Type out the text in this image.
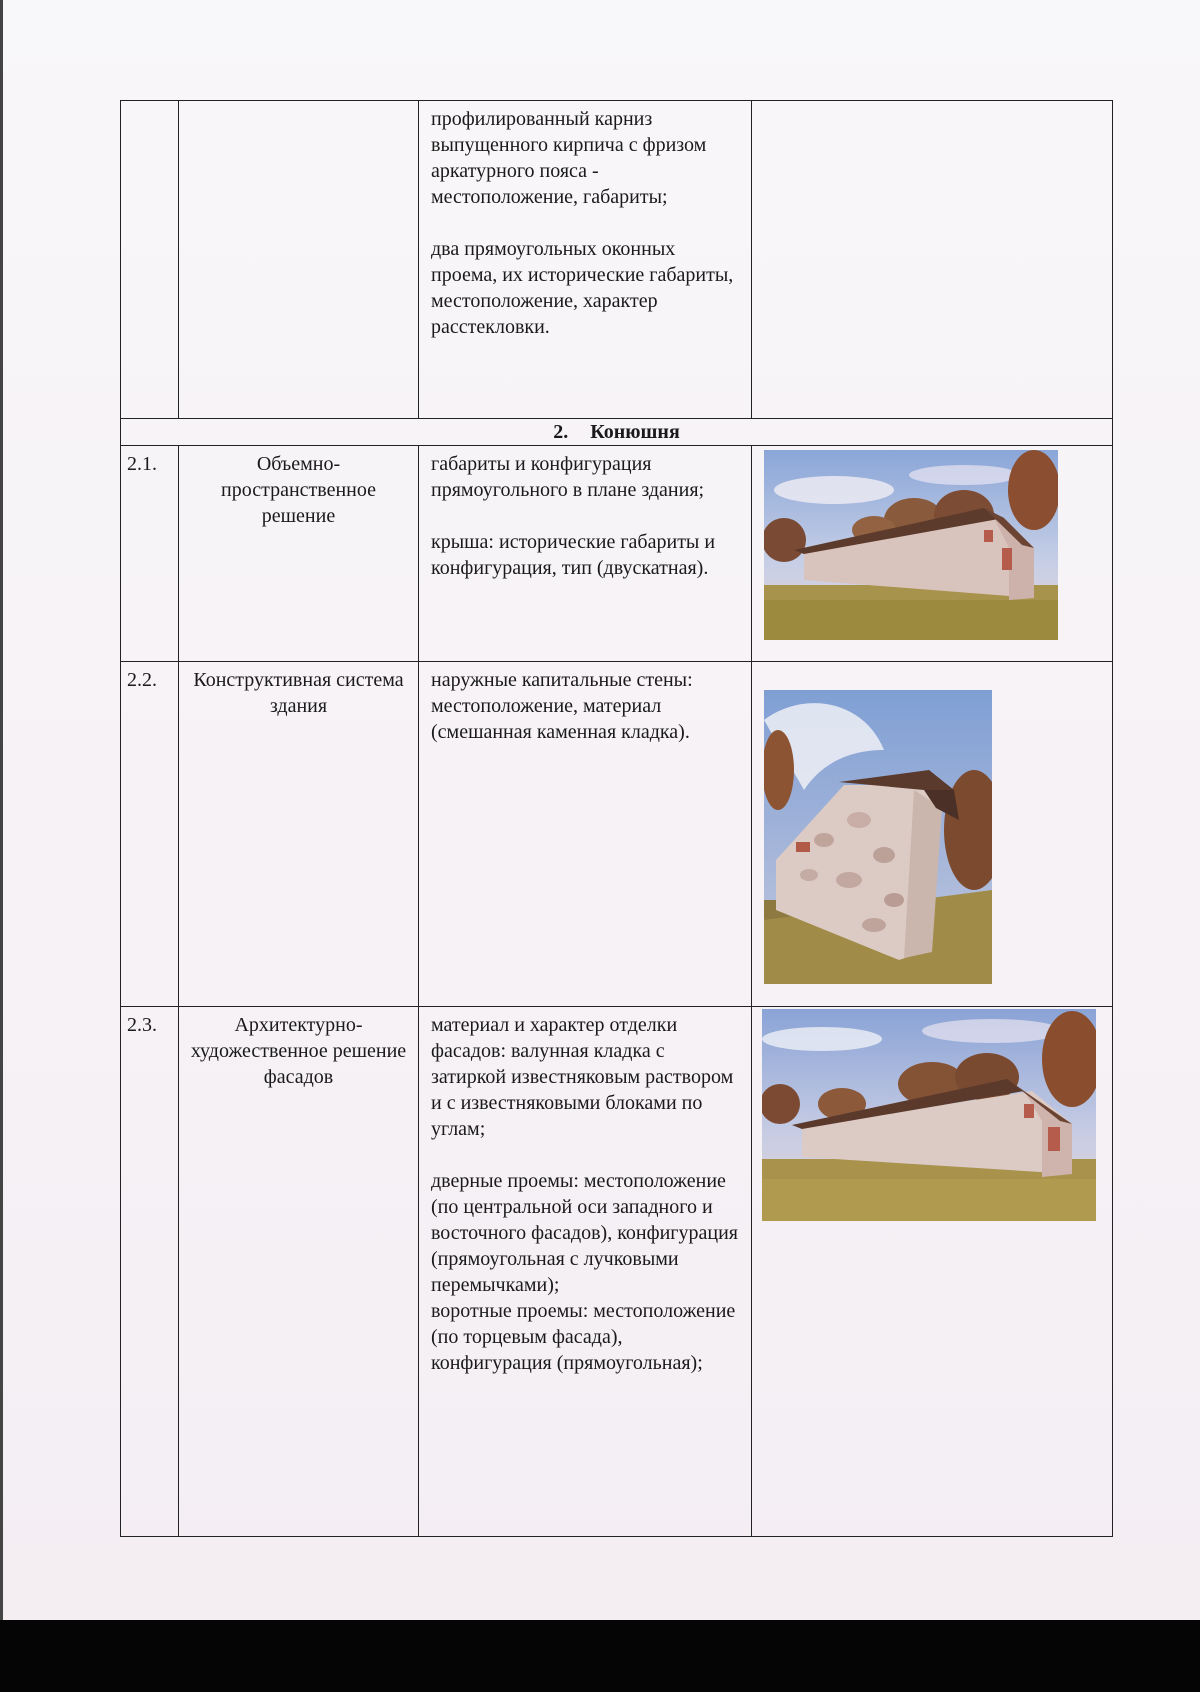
		профилированный карниз выпущенного кирпича с фризом аркатурного пояса - местоположение, габариты;

два прямоугольных оконных проема, их исторические габариты, местоположение, характер расстекловки.	

2. Конюшня			
2.1.	Объемно-пространственное решение	габариты и конфигурация прямоугольного в плане здания;

крыша: исторические габариты и конфигурация, тип (двускатная).

2.2.	Конструктивная система здания	наружные капитальные стены: местоположение, материал (смешанная каменная кладка).

2.3.	Архитектурно-художественное решение фасадов	материал и характер отделки фасадов: валунная кладка с затиркой известняковым раствором и с известняковыми блоками по углам;

дверные проемы: местоположение (по центральной оси западного и восточного фасадов), конфигурация (прямоугольная с лучковыми перемычками);

воротные проемы: местоположение (по торцевым фасада), конфигурация (прямоугольная);
